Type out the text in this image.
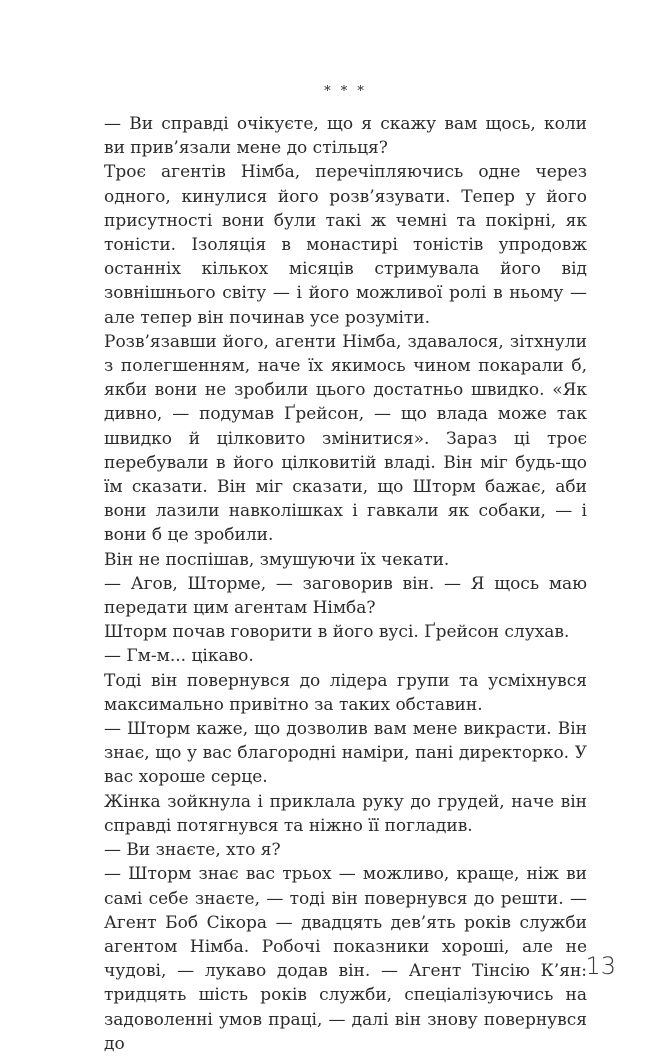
* * *

— Ви справді очікуєте, що я скажу вам щось, коли ви прив’язали мене до стільця?

Троє агентів Німба, перечіпляючись одне через одного, кинулися його розв’язувати. Тепер у його присутності вони були такі ж чемні та покірні, як тоністи. Ізоляція в монастирі тоністів упродовж останніх кількох місяців стримувала його від зовнішнього світу — і його можливої ролі в ньому — але тепер він починав усе розуміти.

Розв’язавши його, агенти Німба, здавалося, зітхнули з полегшенням, наче їх якимось чином покарали б, якби вони не зробили цього достатньо швидко. «Як дивно, — подумав Ґрейсон, — що влада може так швидко й цілковито змінитися». Зараз ці троє перебували в його цілковитій владі. Він міг будь-що їм сказати. Він міг сказати, що Шторм бажає, аби вони лазили навколішках і гавкали як собаки, — і вони б це зробили.

Він не поспішав, змушуючи їх чекати.

— Агов, Шторме, — заговорив він. — Я щось маю передати цим агентам Німба?

Шторм почав говорити в його вусі. Ґрейсон слухав.

— Гм-м... цікаво.

Тоді він повернувся до лідера групи та усміхнувся максимально привітно за таких обставин.

— Шторм каже, що дозволив вам мене викрасти. Він знає, що у вас благородні наміри, пані директорко. У вас хороше серце.

Жінка зойкнула і приклала руку до грудей, наче він справді потягнувся та ніжно її погладив.

— Ви знаєте, хто я?

— Шторм знає вас трьох — можливо, краще, ніж ви самі себе знаєте, — тоді він повернувся до решти. — Агент Боб Сікора — двадцять дев’ять років служби агентом Німба. Робочі показники хороші, але не чудові, — лукаво додав він. — Агент Тінсію К’ян: тридцять шість років служби, спеціалізуючись на задоволенні умов праці, — далі він знову повернувся до

13
